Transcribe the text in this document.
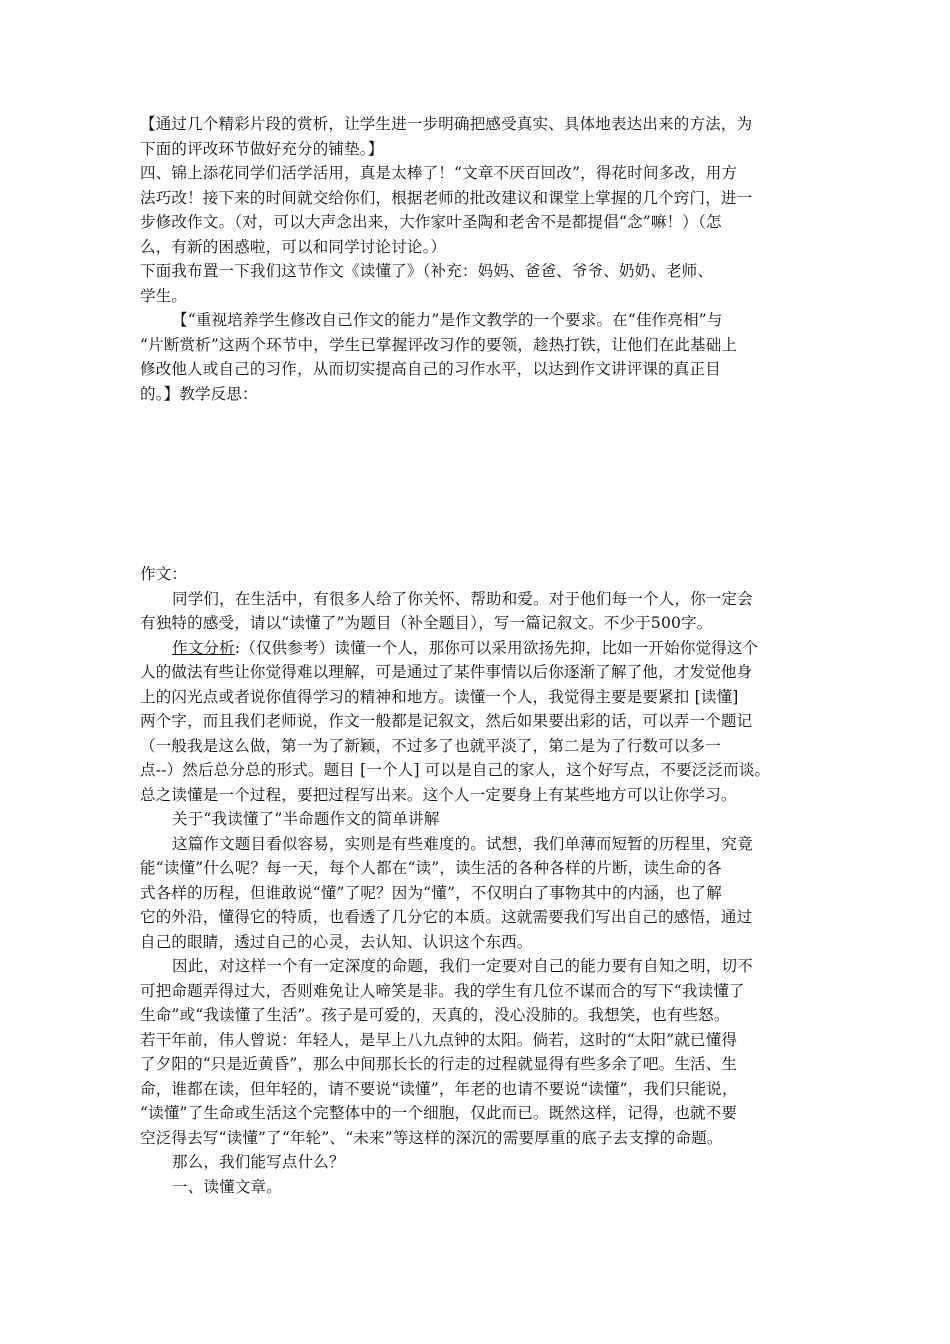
【通过几个精彩片段的赏析，让学生进一步明确把感受真实、具体地表达出来的方法，为
下面的评改环节做好充分的铺垫。】
四、锦上添花同学们活学活用，真是太棒了！“文章不厌百回改”，得花时间多改，用方
法巧改！接下来的时间就交给你们，根据老师的批改建议和课堂上掌握的几个窍门，进一
步修改作文。（对，可以大声念出来，大作家叶圣陶和老舍不是都提倡“念”嘛！）（怎
么，有新的困惑啦，可以和同学讨论讨论。）
下面我布置一下我们这节作文《读懂了》（补充：妈妈、爸爸、爷爷、奶奶、老师、
学生。
【“重视培养学生修改自己作文的能力”是作文教学的一个要求。在“佳作亮相”与
“片断赏析”这两个环节中，学生已掌握评改习作的要领，趁热打铁，让他们在此基础上
修改他人或自己的习作，从而切实提高自己的习作水平，以达到作文讲评课的真正目
的。】教学反思：
作文：
同学们，在生活中，有很多人给了你关怀、帮助和爱。对于他们每一个人，你一定会
有独特的感受，请以“读懂了”为题目（补全题目），写一篇记叙文。不少于500字。
作文分析:（仅供参考）读懂一个人，那你可以采用欲扬先抑，比如一开始你觉得这个
人的做法有些让你觉得难以理解，可是通过了某件事情以后你逐渐了解了他，才发觉他身
上的闪光点或者说你值得学习的精神和地方。读懂一个人，我觉得主要是要紧扣 [读懂]
两个字，而且我们老师说，作文一般都是记叙文，然后如果要出彩的话，可以弄一个题记
（一般我是这么做，第一为了新颖，不过多了也就平淡了，第二是为了行数可以多一
点--）然后总分总的形式。题目 [一个人] 可以是自己的家人，这个好写点，不要泛泛而谈。
总之读懂是一个过程，要把过程写出来。这个人一定要身上有某些地方可以让你学习。
关于“我读懂了”半命题作文的简单讲解
这篇作文题目看似容易，实则是有些难度的。试想，我们单薄而短暂的历程里，究竟
能“读懂”什么呢？每一天，每个人都在“读”，读生活的各种各样的片断，读生命的各
式各样的历程，但谁敢说“懂”了呢？因为“懂”，不仅明白了事物其中的内涵，也了解
它的外沿，懂得它的特质，也看透了几分它的本质。这就需要我们写出自己的感悟，通过
自己的眼睛，透过自己的心灵，去认知、认识这个东西。
因此，对这样一个有一定深度的命题，我们一定要对自己的能力要有自知之明，切不
可把命题弄得过大，否则难免让人啼笑是非。我的学生有几位不谋而合的写下“我读懂了
生命”或“我读懂了生活”。孩子是可爱的，天真的，没心没肺的。我想笑，也有些怒。
若干年前，伟人曾说：年轻人，是早上八九点钟的太阳。倘若，这时的“太阳”就已懂得
了夕阳的“只是近黄昏”，那么中间那长长的行走的过程就显得有些多余了吧。生活、生
命，谁都在读，但年轻的，请不要说“读懂”，年老的也请不要说“读懂”，我们只能说，
“读懂”了生命或生活这个完整体中的一个细胞，仅此而已。既然这样，记得，也就不要
空泛得去写“读懂”了“年轮”、“未来”等这样的深沉的需要厚重的底子去支撑的命题。
那么，我们能写点什么？
一、读懂文章。
